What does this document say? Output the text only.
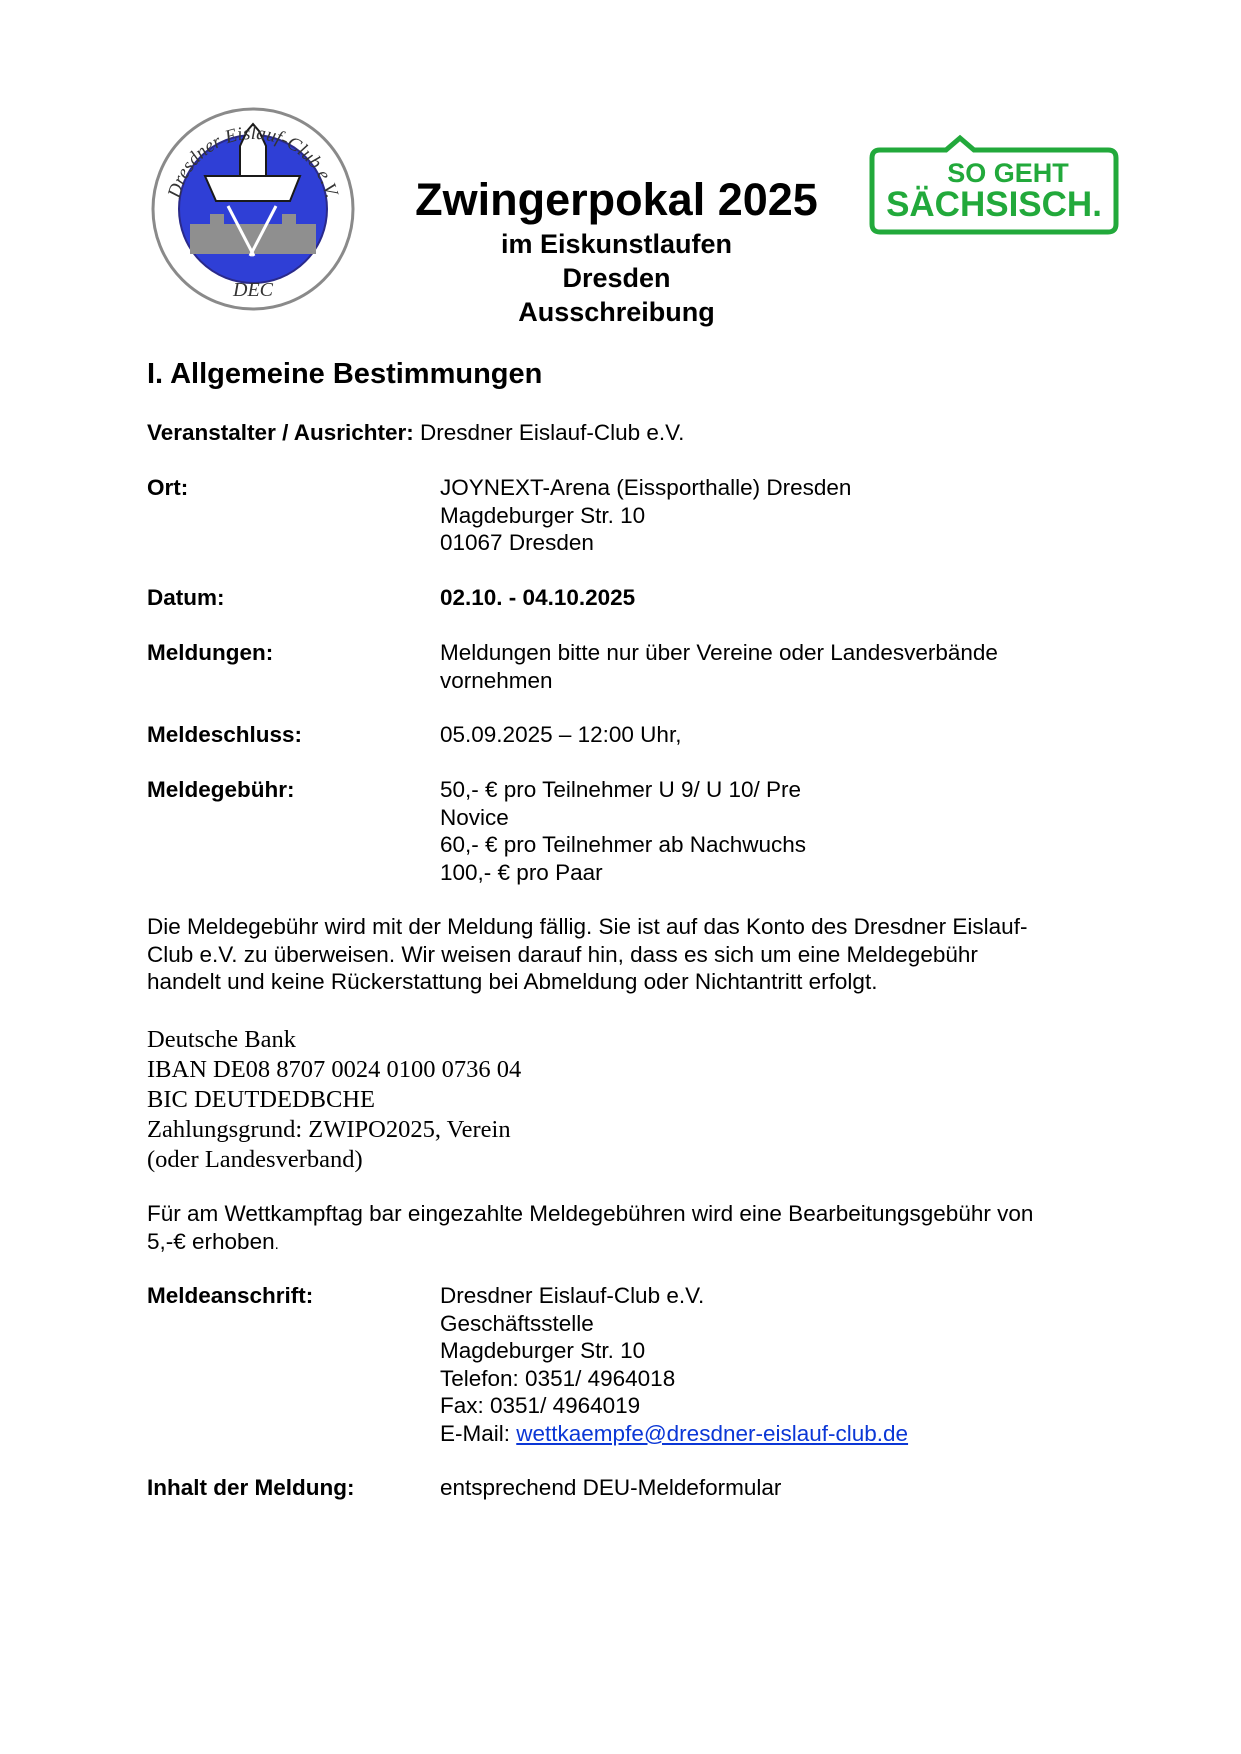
Dresdner Eislauf-Club e.V.
DEC
SO GEHT
SÄCHSISCH.
Zwingerpokal 2025
im Eiskunstlaufen
Dresden
Ausschreibung
I. Allgemeine Bestimmungen
Veranstalter / Ausrichter: Dresdner Eislauf-Club e.V.
Ort:	JOYNEXT-Arena (Eissporthalle) Dresden
Magdeburger Str. 10
01067 Dresden
Datum:	02.10. - 04.10.2025
Meldungen:	Meldungen bitte nur über Vereine oder Landesverbände
vornehmen
Meldeschluss:	05.09.2025 – 12:00 Uhr,
Meldegebühr:	50,- € pro Teilnehmer U 9/ U 10/ Pre
Novice
60,- € pro Teilnehmer ab Nachwuchs
100,- € pro Paar
Die Meldegebühr wird mit der Meldung fällig. Sie ist auf das Konto des Dresdner Eislauf-
Club e.V. zu überweisen. Wir weisen darauf hin, dass es sich um eine Meldegebühr
handelt und keine Rückerstattung bei Abmeldung oder Nichtantritt erfolgt.
Deutsche Bank
IBAN DE08 8707 0024 0100 0736 04
BIC DEUTDEDBCHE
Zahlungsgrund: ZWIPO2025, Verein
(oder Landesverband)
Für am Wettkampftag bar eingezahlte Meldegebühren wird eine Bearbeitungsgebühr von
5,-€ erhoben.
Meldeanschrift:	Dresdner Eislauf-Club e.V.
Geschäftsstelle
Magdeburger Str. 10
Telefon: 0351/ 4964018
Fax: 0351/ 4964019
E-Mail: wettkaempfe@dresdner-eislauf-club.de
Inhalt der Meldung:	entsprechend DEU-Meldeformular
